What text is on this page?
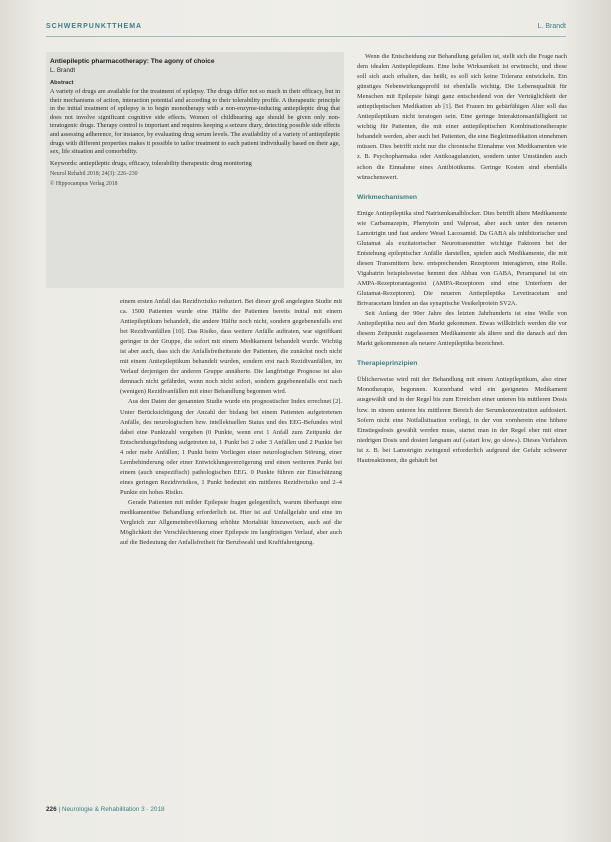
SCHWERPUNKTTHEMA	L. Brandt

Antiepileptic pharmacotherapy: The agony of choice

L. Brandt

Abstract

A variety of drugs are available for the treatment of epilepsy. The drugs differ not so much in their efficacy, but in their mechanisms of action, interaction potential and according to their tolerability profile. A therapeutic principle in the initial treatment of epilepsy is to begin monotherapy with a non-enzyme-inducing antiepileptic drug that does not involve significant cognitive side effects. Women of childbearing age should be given only non-teratogenic drugs. Therapy control is important and requires keeping a seizure diary, detecting possible side effects and assessing adherence, for instance, by evaluating drug serum levels. The availability of a variety of antiepileptic drugs with different properties makes it possible to tailor treatment to each patient individually based on their age, sex, life situation and comorbidity.

Keywords: antiepileptic drugs, efficacy, tolerability therapeutic drug monitoring

Neurol Rehabil 2018; 24(3): 226–230

© Hippocampus Verlag 2018

einem ersten Anfall das Rezidivrisiko reduziert. Bei dieser groß angelegten Studie mit ca. 1500 Patienten wurde eine Hälfte der Patienten bereits initial mit einem Antiepileptikum behandelt, die andere Hälfte noch nicht, sondern gegebenenfalls erst bei Rezidivanfällen [10]. Das Risiko, dass weitere Anfälle auftraten, war signifikant geringer in der Gruppe, die sofort mit einem Medikament behandelt wurde. Wichtig ist aber auch, dass sich die Anfallsfreiheitsrate der Patienten, die zunächst noch nicht mit einem Antiepileptikum behandelt wurden, sondern erst nach Rezidivanfällen, im Verlauf derjenigen der anderen Gruppe annäherte. Die langfristige Prognose ist also demnach nicht gefährdet, wenn noch nicht sofort, sondern gegebenenfalls erst nach (wenigen) Rezidivanfällen mit einer Behandlung begonnen wird.

Aus den Daten der genannten Studie wurde ein prognostischer Index errechnet [2]. Unter Berücksichtigung der Anzahl der bislang bei einem Patienten aufgetretenen Anfälle, des neurologischen bzw. intellektuellen Status und des EEG-Befundes wird dabei eine Punktzahl vergeben (0 Punkte, wenn erst 1 Anfall zum Zeitpunkt der Entscheidungsfindung aufgetreten ist, 1 Punkt bei 2 oder 3 Anfällen und 2 Punkte bei 4 oder mehr Anfällen; 1 Punkt beim Vorliegen einer neurologischen Störung, einer Lernbehinderung oder einer Entwicklungsverzögerung und einen weiteren Punkt bei einem (auch unspezifisch) pathologischen EEG. 0 Punkte führen zur Einschätzung eines geringen Rezidivrisikos, 1 Punkt bedeutet ein mittleres Rezidivrisiko und 2–4 Punkte ein hohes Risiko.

Gerade Patienten mit milder Epilepsie fragen gelegentlich, warum überhaupt eine medikamentöse Behandlung erforderlich ist. Hier ist auf Unfallgefahr und eine im Vergleich zur Allgemeinbevölkerung erhöhte Mortalität hinzuweisen, auch auf die Möglichkeit der Verschlechterung einer Epilepsie im langfristigen Verlauf, aber auch auf die Bedeutung der Anfallsfreiheit für Berufswahl und Kraftfahreignung.

Wenn die Entscheidung zur Behandlung gefallen ist, stellt sich die Frage nach dem idealen Antiepileptikum. Eine hohe Wirksamkeit ist erwünscht, und diese soll sich auch erhalten, das heißt, es soll sich keine Toleranz entwickeln. Ein günstiges Nebenwirkungsprofil ist ebenfalls wichtig. Die Lebensqualität für Menschen mit Epilepsie hängt ganz entscheidend von der Verträglichkeit der antiepileptischen Medikation ab [1]. Bei Frauen im gebärfähigen Alter soll das Antiepileptikum nicht teratogen sein. Eine geringe Interaktionsanfälligkeit ist wichtig für Patienten, die mit einer antiepileptischen Kombinationstherapie behandelt werden, aber auch bei Patienten, die eine Begleitmedikation einnehmen müssen. Dies betrifft nicht nur die chronische Einnahme von Medikamenten wie z. B. Psychopharmaka oder Antikoagulanzien, sondern unter Umständen auch schon die Einnahme eines Antibiotikums. Geringe Kosten sind ebenfalls wünschenswert.

Wirkmechanismen

Einige Antiepileptika sind Natriumkanalblocker. Dies betrifft ältere Medikamente wie Carbamazepin, Phenytoin und Valproat, aber auch unter den neueren Lamotrigin und fast andere Wesel Lacosamid. Da GABA als inhibitorischer und Glutamat als exzitatorischer Neurotransmitter wichtige Faktoren bei der Entstehung epileptischer Anfälle darstellen, spielen auch Medikamente, die mit diesen Transmittern bzw. entsprechenden Rezeptoren interagieren, eine Rolle. Vigabatrin beispielsweise hemmt den Abbau von GABA, Perampanel ist ein AMPA-Rezeptorantagonist (AMPA-Rezeptoren sind eine Unterform der Glutamat-Rezeptoren). Die neueren Antiepileptika Levetiracetam und Brivaracetam binden an das synaptische Vesikelprotein SV2A.

Seit Anfang der 90er Jahre des letzten Jahrhunderts ist eine Welle von Antiepileptika neu auf den Markt gekommen. Etwas willkürlich werden die vor diesem Zeitpunkt zugelassenen Medikamente als ältere und die danach auf den Markt gekommenen als neuere Antiepileptika bezeichnet.

Therapieprinzipien

Üblicherweise wird mit der Behandlung mit einem Antiepileptikum, also einer Monotherapie, begonnen. Kurzerhand wird ein geeignetes Medikament ausgewählt und in der Regel bis zum Erreichen einer unteren bis mittleren Dosis bzw. in einem unteren bis mittleren Bereich der Serumkonzentration aufdosiert. Sofern nicht eine Notfallsituation vorliegt, in der von vornherein eine höhere Einstiegsdosis gewählt werden muss, startet man in der Regel eher mit einer niedrigen Dosis und dosiert langsam auf (»start low, go slow«). Dieses Verfahren ist z. B. bei Lamotrigin zwingend erforderlich aufgrund der Gefahr schwerer Hautreaktionen, die gehäuft bei

226 | Neurologie & Rehabilitation 3 · 2018
